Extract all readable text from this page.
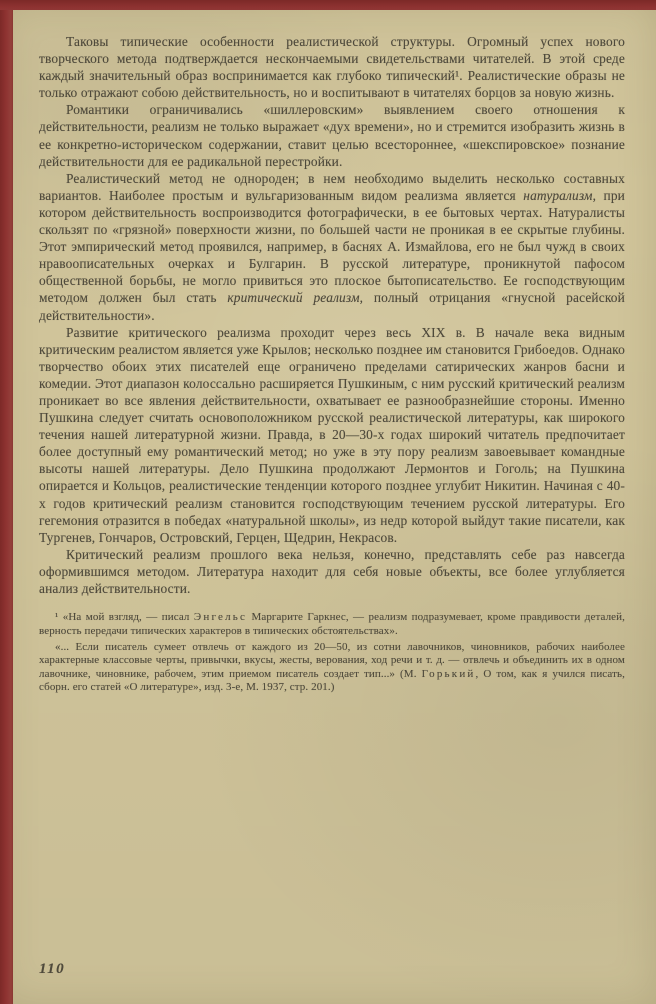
Таковы типические особенности реалистической структуры. Огромный успех нового творческого метода подтверждается нескончаемыми свидетельствами читателей. В этой среде каждый значительный образ воспринимается как глубоко типический¹. Реалистические образы не только отражают собою действительность, но и воспитывают в читателях борцов за новую жизнь.

Романтики ограничивались «шиллеровским» выявлением своего отношения к действительности, реализм не только выражает «дух времени», но и стремится изобразить жизнь в ее конкретно-историческом содержании, ставит целью всестороннее, «шекспировское» познание действительности для ее радикальной перестройки.

Реалистический метод не однороден; в нем необходимо выделить несколько составных вариантов. Наиболее простым и вульгаризованным видом реализма является натурализм, при котором действительность воспроизводится фотографически, в ее бытовых чертах. Натуралисты скользят по «грязной» поверхности жизни, по большей части не проникая в ее скрытые глубины. Этот эмпирический метод проявился, например, в баснях А. Измайлова, его не был чужд в своих нравоописательных очерках и Булгарин. В русской литературе, проникнутой пафосом общественной борьбы, не могло привиться это плоское бытописательство. Ее господствующим методом должен был стать критический реализм, полный отрицания «гнусной расейской действительности».

Развитие критического реализма проходит через весь XIX в. В начале века видным критическим реалистом является уже Крылов; несколько позднее им становится Грибоедов. Однако творчество обоих этих писателей еще ограничено пределами сатирических жанров басни и комедии. Этот диапазон колоссально расширяется Пушкиным, с ним русский критический реализм проникает во все явления действительности, охватывает ее разнообразнейшие стороны. Именно Пушкина следует считать основоположником русской реалистической литературы, как широкого течения нашей литературной жизни. Правда, в 20—30-х годах широкий читатель предпочитает более доступный ему романтический метод; но уже в эту пору реализм завоевывает командные высоты нашей литературы. Дело Пушкина продолжают Лермонтов и Гоголь; на Пушкина опирается и Кольцов, реалистические тенденции которого позднее углубит Никитин. Начиная с 40-х годов критический реализм становится господствующим течением русской литературы. Его гегемония отразится в победах «натуральной школы», из недр которой выйдут такие писатели, как Тургенев, Гончаров, Островский, Герцен, Щедрин, Некрасов.

Критический реализм прошлого века нельзя, конечно, представлять себе раз навсегда оформившимся методом. Литература находит для себя новые объекты, все более углубляется анализ действительности.

¹ «На мой взгляд, — писал Энгельс Маргарите Гаркнес, — реализм подразумевает, кроме правдивости деталей, верность передачи типических характеров в типических обстоятельствах».

«... Если писатель сумеет отвлечь от каждого из 20—50, из сотни лавочников, чиновников, рабочих наиболее характерные классовые черты, привычки, вкусы, жесты, верования, ход речи и т. д. — отвлечь и объединить их в одном лавочнике, чиновнике, рабочем, этим приемом писатель создает тип...» (М. Горький, О том, как я учился писать, сборн. его статей «О литературе», изд. 3-е, М. 1937, стр. 201.)

110
